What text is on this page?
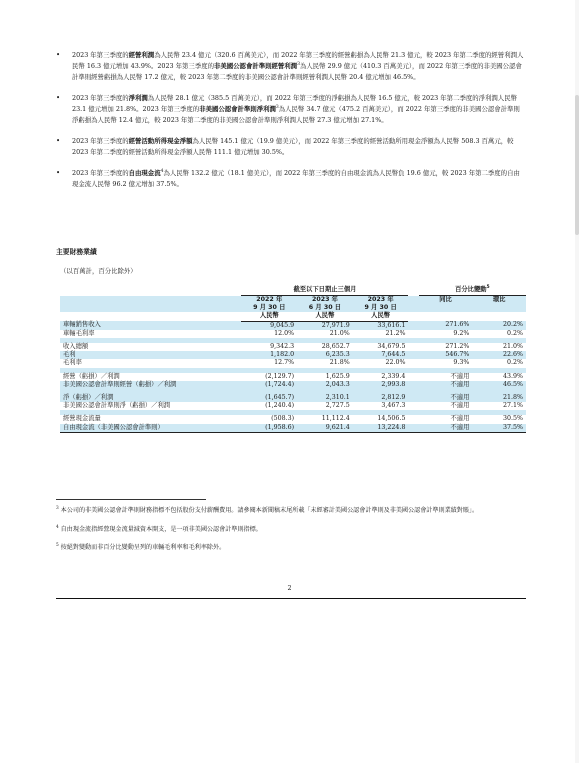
• 2023 年第三季度的經營利潤為人民幣 23.4 億元（320.6 百萬美元），而 2022 年第三季度的經營虧損為人民幣 21.3 億元，較 2023 年第二季度的經營利潤人民幣 16.3 億元增加 43.9%。2023 年第三季度的非美國公認會計準則經營利潤$^3$為人民幣 29.9 億元（410.3 百萬美元），而 2022 年第三季度的非美國公認會計準則經營虧損為人民幣 17.2 億元，較 2023 年第二季度的非美國公認會計準則經營利潤人民幣 20.4 億元增加 46.5%。
• 2023 年第三季度的淨利潤為人民幣 28.1 億元（385.5 百萬美元），而 2022 年第三季度的淨虧損為人民幣 16.5 億元，較 2023 年第二季度的淨利潤人民幣 23.1 億元增加 21.8%。2023 年第三季度的非美國公認會計準則淨利潤$^3$為人民幣 34.7 億元（475.2 百萬美元），而 2022 年第三季度的非美國公認會計準則淨虧損為人民幣 12.4 億元，較 2023 年第二季度的非美國公認會計準則淨利潤人民幣 27.3 億元增加 27.1%。
• 2023 年第三季度的經營活動所得現金淨額為人民幣 145.1 億元（19.9 億美元），而 2022 年第三季度的經營活動所用現金淨額為人民幣 508.3 百萬元，較 2023 年第二季度的經營活動所得現金淨額人民幣 111.1 億元增加 30.5%。
• 2023 年第三季度的自由現金流$^4$為人民幣 132.2 億元（18.1 億美元），而 2022 年第三季度的自由現金流為人民幣負 19.6 億元，較 2023 年第二季度的自由現金流人民幣 96.2 億元增加 37.5%。
主要財務業績
（以百萬計，百分比除外）
	截至以下日期止三個月				百分比變動$^5$
	2022 年	2023 年	2023 年		同比	環比
	9 月 30 日	6 月 30 日	9 月 30 日			
	人民幣	人民幣	人民幣			
車輛銷售收入	9,045.9	27,971.9	33,616.1		271.6%	20.2%
車輛毛利率	12.0%	21.0%	21.2%		9.2%	0.2%

收入總額	9,342.3	28,652.7	34,679.5		271.2%	21.0%
毛利	1,182.0	6,235.3	7,644.5		546.7%	22.6%
毛利率	12.7%	21.8%	22.0%		9.3%	0.2%

經營（虧損）／利潤	(2,129.7)	1,625.9	2,339.4		不適用	43.9%
非美國公認會計準則經營（虧損）／利潤	(1,724.4)	2,043.3	2,993.8		不適用	46.5%

淨（虧損）／利潤	(1,645.7)	2,310.1	2,812.9		不適用	21.8%
非美國公認會計準則淨（虧損）／利潤	(1,240.4)	2,727.5	3,467.3		不適用	27.1%

經營現金流量	(508.3)	11,112.4	14,506.5		不適用	30.5%
自由現金流（非美國公認會計準則）	(1,958.6)	9,621.4	13,224.8		不適用	37.5%
$^3$ 本公司的非美國公認會計準則財務指標不包括股份支付薪酬費用。請參閱本新聞稿末尾所載「未經審計美國公認會計準則及非美國公認會計準則業績對賬」。
$^4$ 自由現金流指經營現金流量減資本開支，是一項非美國公認會計準則指標。
$^5$ 按絕對變動而非百分比變動呈列的車輛毛利率和毛利率除外。
2
